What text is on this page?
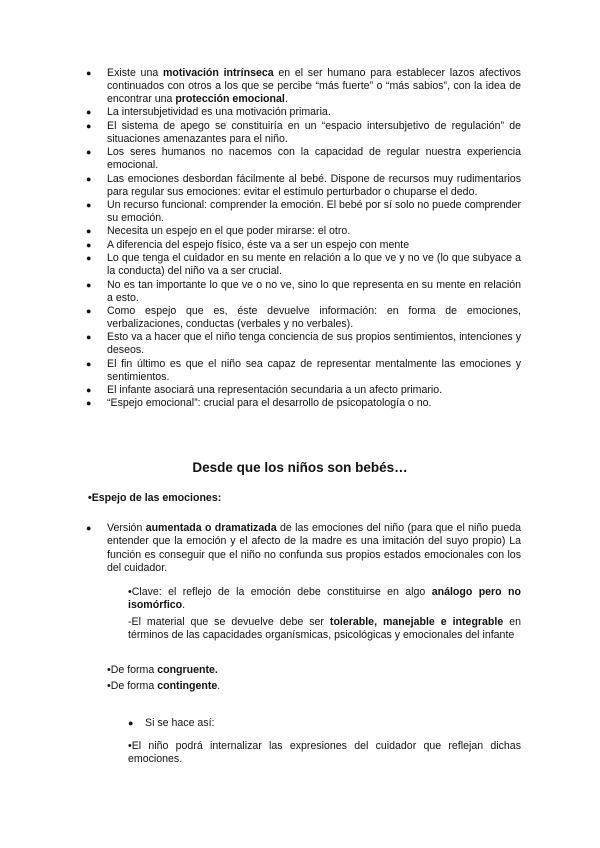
● Existe una motivación intrínseca en el ser humano para establecer lazos afectivos continuados con otros a los que se percibe “más fuerte” o “más sabios”, con la idea de encontrar una protección emocional.
● La intersubjetividad es una motivación primaria.
● El sistema de apego se constituiría en un “espacio intersubjetivo de regulación” de situaciones amenazantes para el niño.
● Los seres humanos no nacemos con la capacidad de regular nuestra experiencia emocional.
● Las emociones desbordan fácilmente al bebé. Dispone de recursos muy rudimentarios para regular sus emociones: evitar el estímulo perturbador o chuparse el dedo.
● Un recurso funcional: comprender la emoción. El bebé por sí solo no puede comprender su emoción.
● Necesita un espejo en el que poder mirarse: el otro.
● A diferencia del espejo físico, éste va a ser un espejo con mente
● Lo que tenga el cuidador en su mente en relación a lo que ve y no ve (lo que subyace a la conducta) del niño va a ser crucial.
● No es tan importante lo que ve o no ve, sino lo que representa en su mente en relación a esto.
● Como espejo que es, éste devuelve información: en forma de emociones, verbalizaciones, conductas (verbales y no verbales).
● Esto va a hacer que el niño tenga conciencia de sus propios sentimientos, intenciones y deseos.
● El fin último es que el niño sea capaz de representar mentalmente las emociones y sentimientos.
● El infante asociará una representación secundaria a un afecto primario.
● “Espejo emocional”: crucial para el desarrollo de psicopatología o no.
Desde que los niños son bebés…
•Espejo de las emociones:
● Versión aumentada o dramatizada de las emociones del niño (para que el niño pueda entender que la emoción y el afecto de la madre es una imitación del suyo propio) La función es conseguir que el niño no confunda sus propios estados emocionales con los del cuidador.
•Clave: el reflejo de la emoción debe constituirse en algo análogo pero no isomórfico.
-El material que se devuelve debe ser tolerable, manejable e integrable en términos de las capacidades organísmicas, psicológicas y emocionales del infante
•De forma congruente.
•De forma contingente.
● Si se hace así:
•El niño podrá internalizar las expresiones del cuidador que reflejan dichas emociones.
